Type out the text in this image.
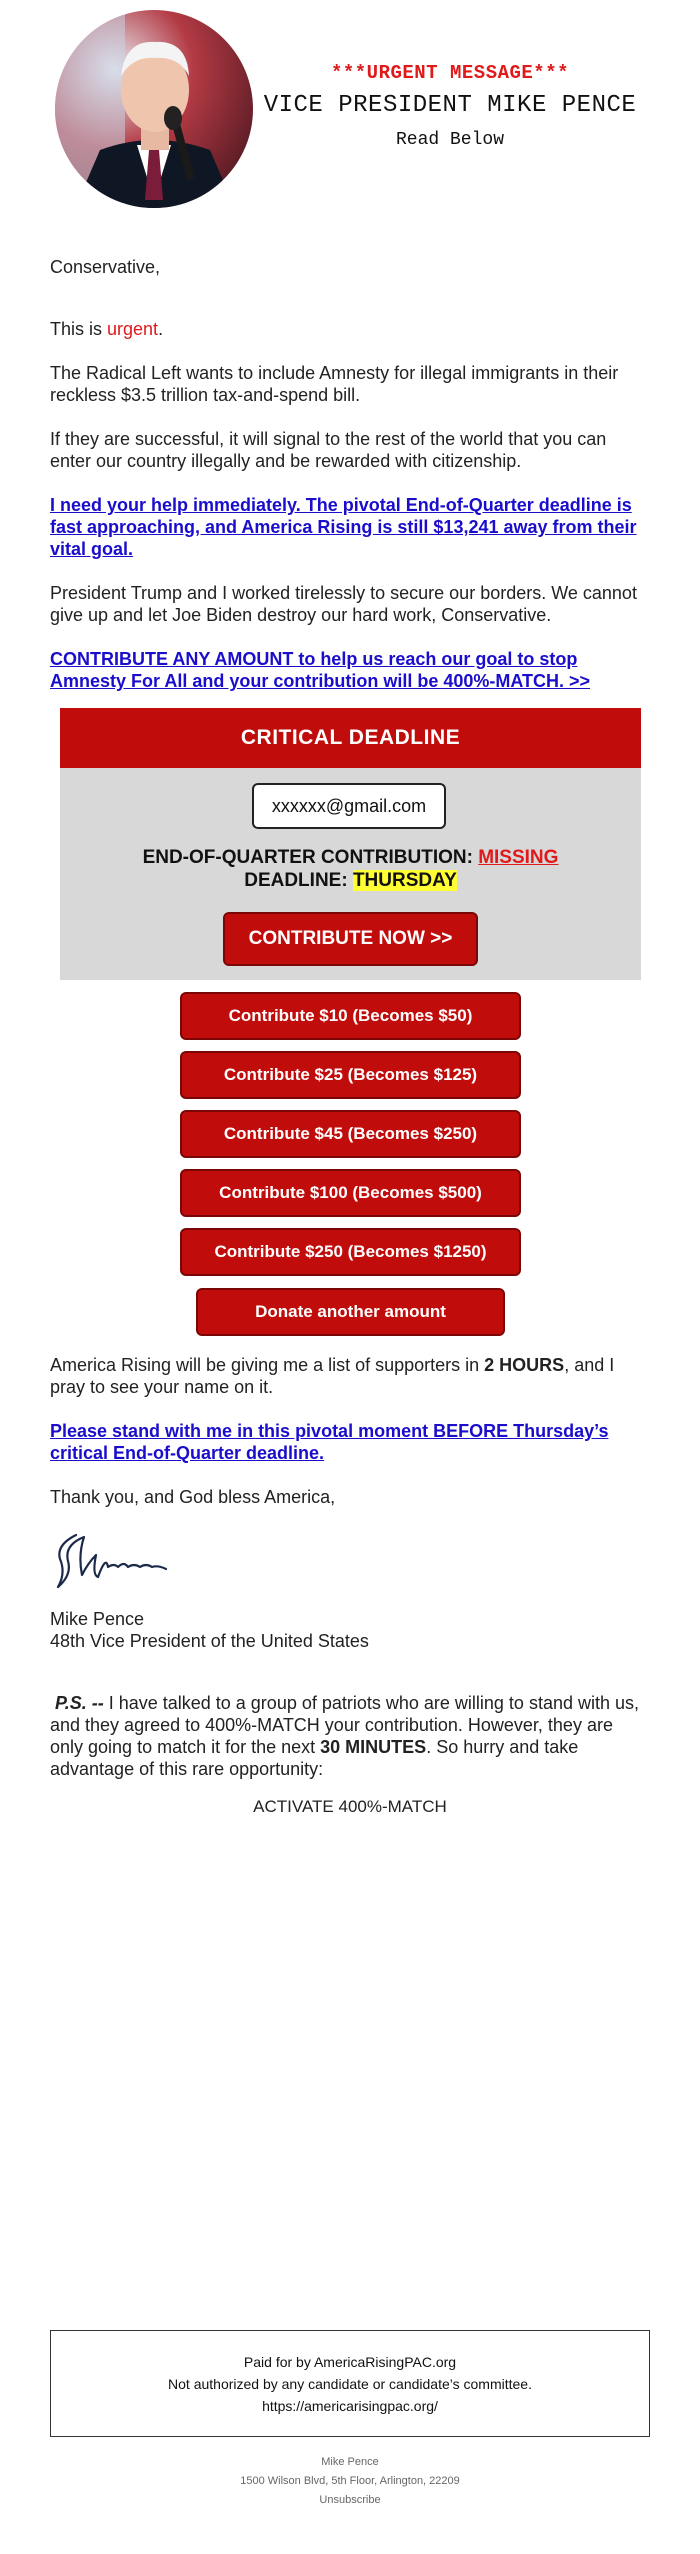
***URGENT MESSAGE***
VICE PRESIDENT MIKE PENCE
Read Below
Conservative,
This is urgent.
The Radical Left wants to include Amnesty for illegal immigrants in their reckless $3.5 trillion tax-and-spend bill.
If they are successful, it will signal to the rest of the world that you can enter our country illegally and be rewarded with citizenship.
I need your help immediately. The pivotal End-of-Quarter deadline is fast approaching, and America Rising is still $13,241 away from their vital goal.
President Trump and I worked tirelessly to secure our borders. We cannot give up and let Joe Biden destroy our hard work, Conservative.
CONTRIBUTE ANY AMOUNT to help us reach our goal to stop Amnesty For All and your contribution will be 400%-MATCH. >>
CRITICAL DEADLINE
xxxxxx@gmail.com
END-OF-QUARTER CONTRIBUTION: MISSING
DEADLINE: THURSDAY
CONTRIBUTE NOW >>
Contribute $10 (Becomes $50)
Contribute $25 (Becomes $125)
Contribute $45 (Becomes $250)
Contribute $100 (Becomes $500)
Contribute $250 (Becomes $1250)
Donate another amount
America Rising will be giving me a list of supporters in 2 HOURS, and I pray to see your name on it.
Please stand with me in this pivotal moment BEFORE Thursday’s critical End-of-Quarter deadline.
Thank you, and God bless America,
Mike Pence
48th Vice President of the United States
P.S. -- I have talked to a group of patriots who are willing to stand with us, and they agreed to 400%-MATCH your contribution. However, they are only going to match it for the next 30 MINUTES. So hurry and take advantage of this rare opportunity:
ACTIVATE 400%-MATCH
Paid for by AmericaRisingPAC.org
Not authorized by any candidate or candidate’s committee.
https://americarisingpac.org/
Mike Pence
1500 Wilson Blvd, 5th Floor, Arlington, 22209
Unsubscribe
